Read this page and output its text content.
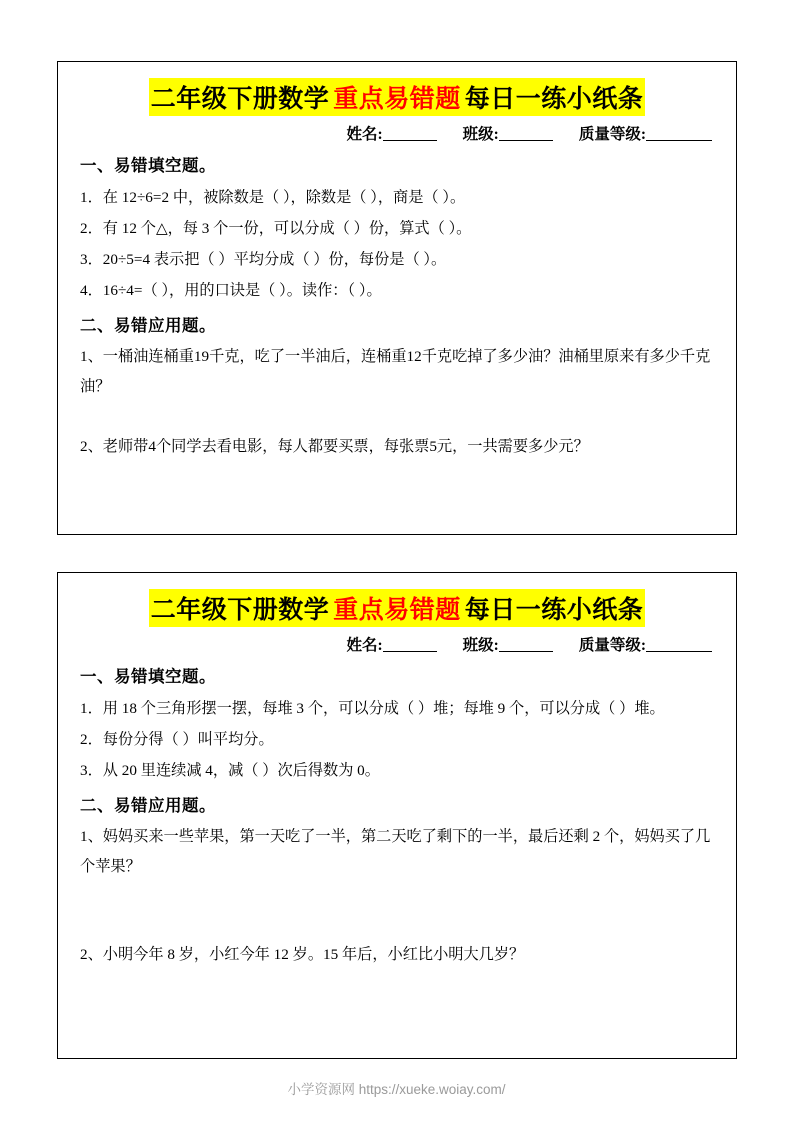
二年级下册数学 重点易错题 每日一练小纸条
姓名:	班级:	质量等级:
一、易错填空题。
1．在 12÷6=2 中，被除数是（ ），除数是（ ），商是（ ）。
2．有 12 个△，每 3 个一份，可以分成（ ）份，算式（ ）。
3．20÷5=4 表示把（ ）平均分成（ ）份，每份是（ ）。
4．16÷4=（ ），用的口诀是（ ）。读作：（ ）。
二、易错应用题。
1、一桶油连桶重19千克，吃了一半油后，连桶重12千克吃掉了多少油？油桶里原来有多少千克油？
2、老师带4个同学去看电影，每人都要买票，每张票5元，一共需要多少元？
二年级下册数学 重点易错题 每日一练小纸条
姓名:	班级:	质量等级:
一、易错填空题。
1．用 18 个三角形摆一摆，每堆 3 个，可以分成（ ）堆；每堆 9 个，可以分成（ ）堆。
2．每份分得（ ）叫平均分。
3．从 20 里连续减 4，减（ ）次后得数为 0。
二、易错应用题。
1、妈妈买来一些苹果，第一天吃了一半，第二天吃了剩下的一半，最后还剩 2 个，妈妈买了几个苹果？
2、小明今年 8 岁，小红今年 12 岁。15 年后，小红比小明大几岁？
小学资源网 https://xueke.woiay.com/
